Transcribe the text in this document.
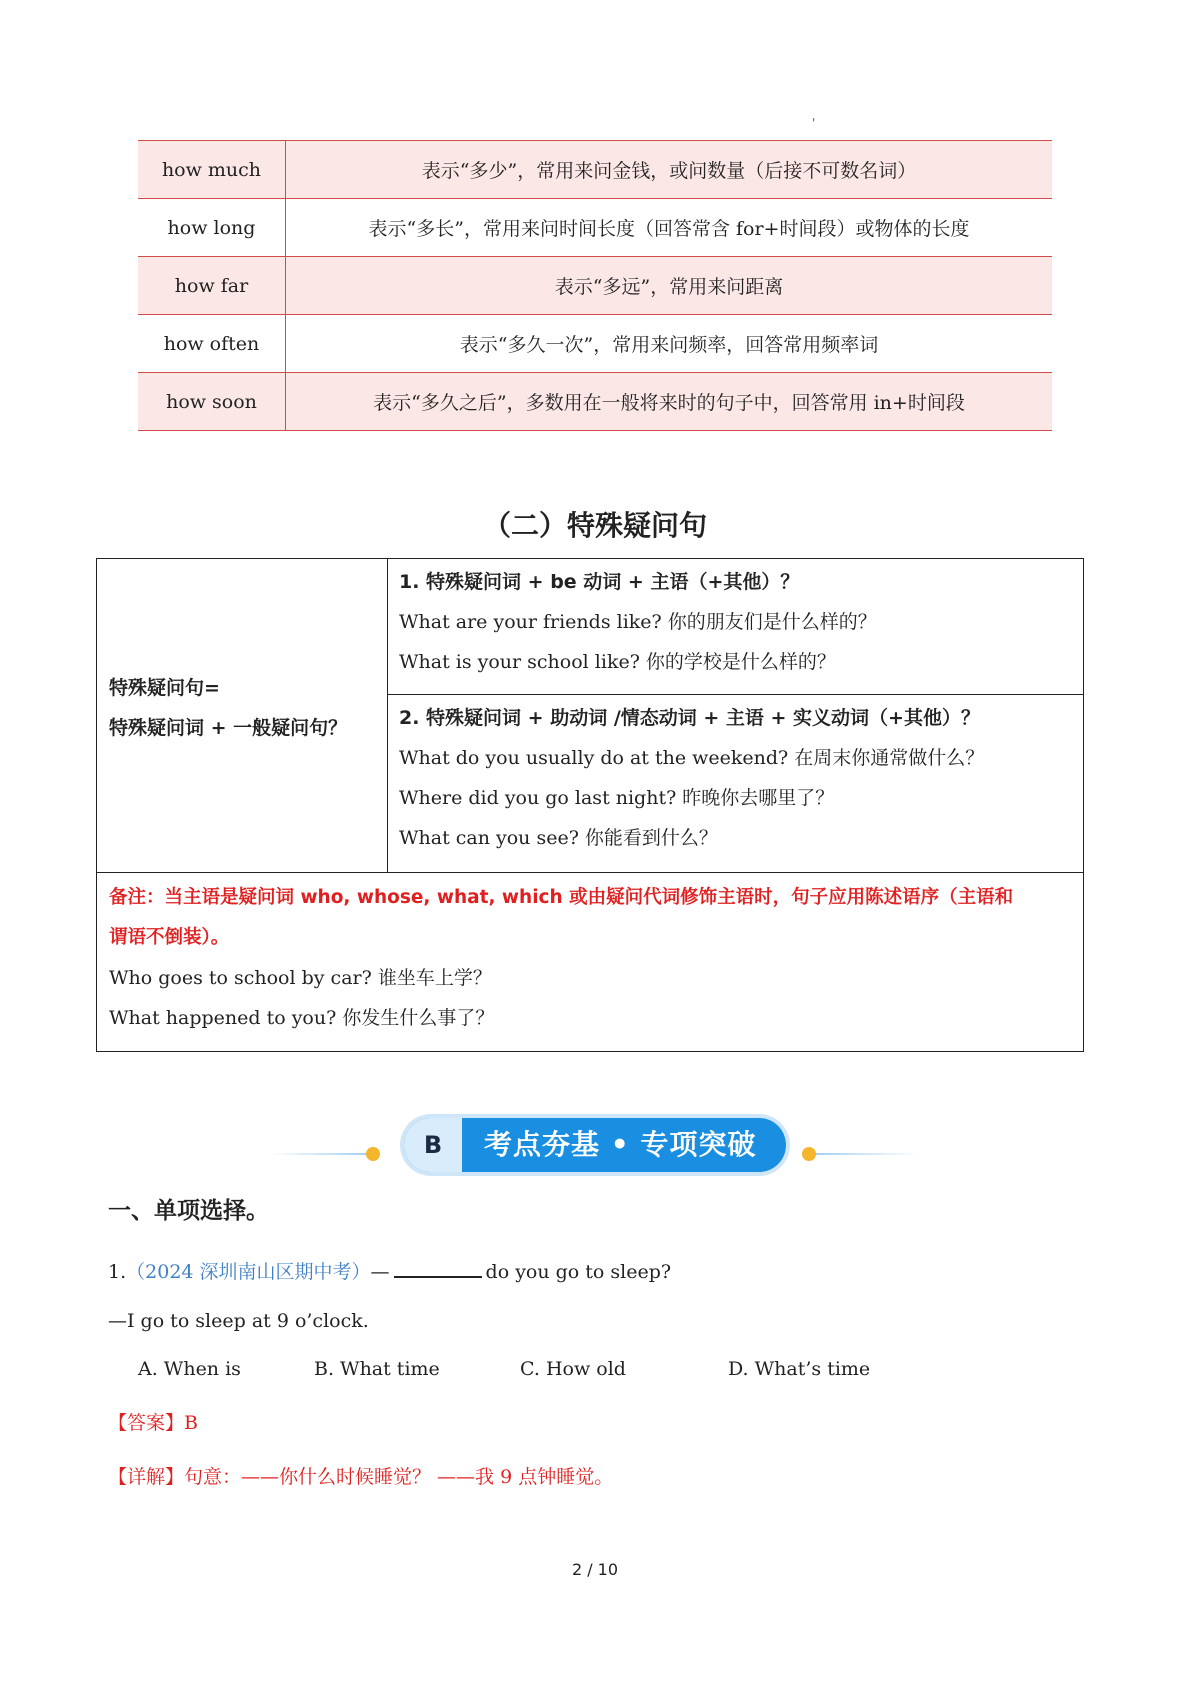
'
how much	表示“多少”，常用来问金钱，或问数量（后接不可数名词）
how long	表示“多长”，常用来问时间长度（回答常含 for+时间段）或物体的长度
how far	表示“多远”，常用来问距离
how often	表示“多久一次”，常用来问频率，回答常用频率词
how soon	表示“多久之后”，多数用在一般将来时的句子中，回答常用 in+时间段
（二）特殊疑问句
特殊疑问句=
特殊疑问词 + 一般疑问句？
1. 特殊疑问词 + be 动词 + 主语（+其他）？
What are your friends like? 你的朋友们是什么样的？
What is your school like? 你的学校是什么样的？
2. 特殊疑问词 + 助动词 /情态动词 + 主语 + 实义动词（+其他）？
What do you usually do at the weekend? 在周末你通常做什么？
Where did you go last night? 昨晚你去哪里了？
What can you see? 你能看到什么？
备注：当主语是疑问词 who, whose, what, which 或由疑问代词修饰主语时，句子应用陈述语序（主语和
谓语不倒装）。
Who goes to school by car? 谁坐车上学？
What happened to you? 你发生什么事了？
B	考点夯基 • 专项突破
一、单项选择。
1.（2024 深圳南山区期中考）—	do you go to sleep?
—I go to sleep at 9 o’clock.
A. When is	B. What time	C. How old	D. What’s time
【答案】B
【详解】句意：——你什么时候睡觉？ ——我 9 点钟睡觉。
2 / 10
